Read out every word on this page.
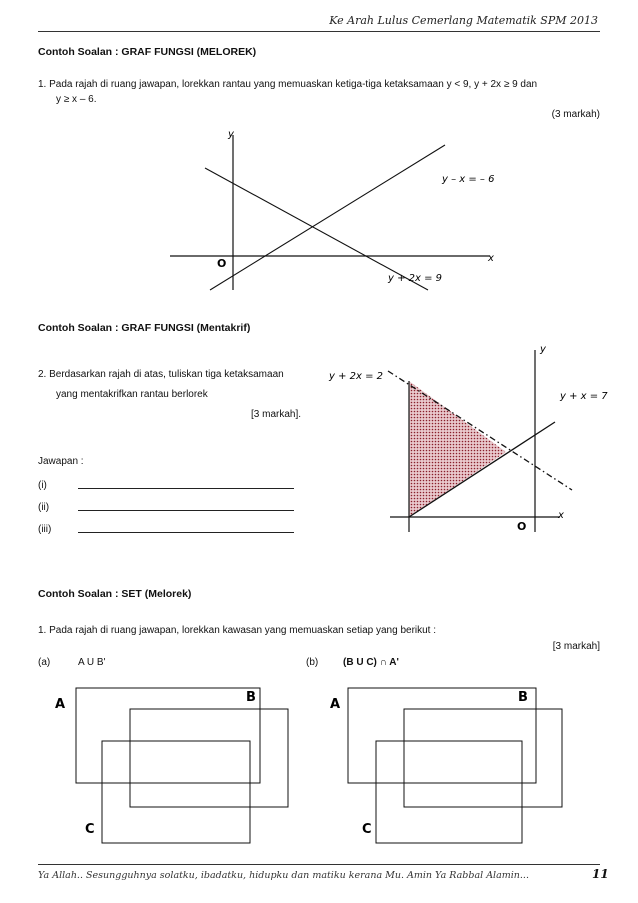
Ke Arah Lulus Cemerlang Matematik SPM 2013
Contoh Soalan : GRAF FUNGSI (MELOREK)
1. Pada rajah di ruang jawapan, lorekkan rantau yang memuaskan ketiga-tiga ketaksamaan y < 9, y + 2x ≥ 9 dan
y ≥ x – 6.
(3 markah)
y
x
O
y – x = – 6
y + 2x = 9
Contoh Soalan : GRAF FUNGSI (Mentakrif)
2. Berdasarkan rajah di atas, tuliskan tiga ketaksamaan
yang mentakrifkan rantau berlorek
[3 markah].
Jawapan :
(i)
(ii)
(iii)
y
x
O
y + 2x = 2
y + x = 7
Contoh Soalan : SET (Melorek)
1. Pada rajah di ruang jawapan, lorekkan kawasan yang memuaskan setiap yang berikut :
[3 markah]
(a)	A U B'	(b) (B U C) ∩ A'
A	B
C
A	B
C
Ya Allah.. Sesungguhnya solatku, ibadatku, hidupku dan matiku kerana Mu. Amin Ya Rabbal Alamin...	11
